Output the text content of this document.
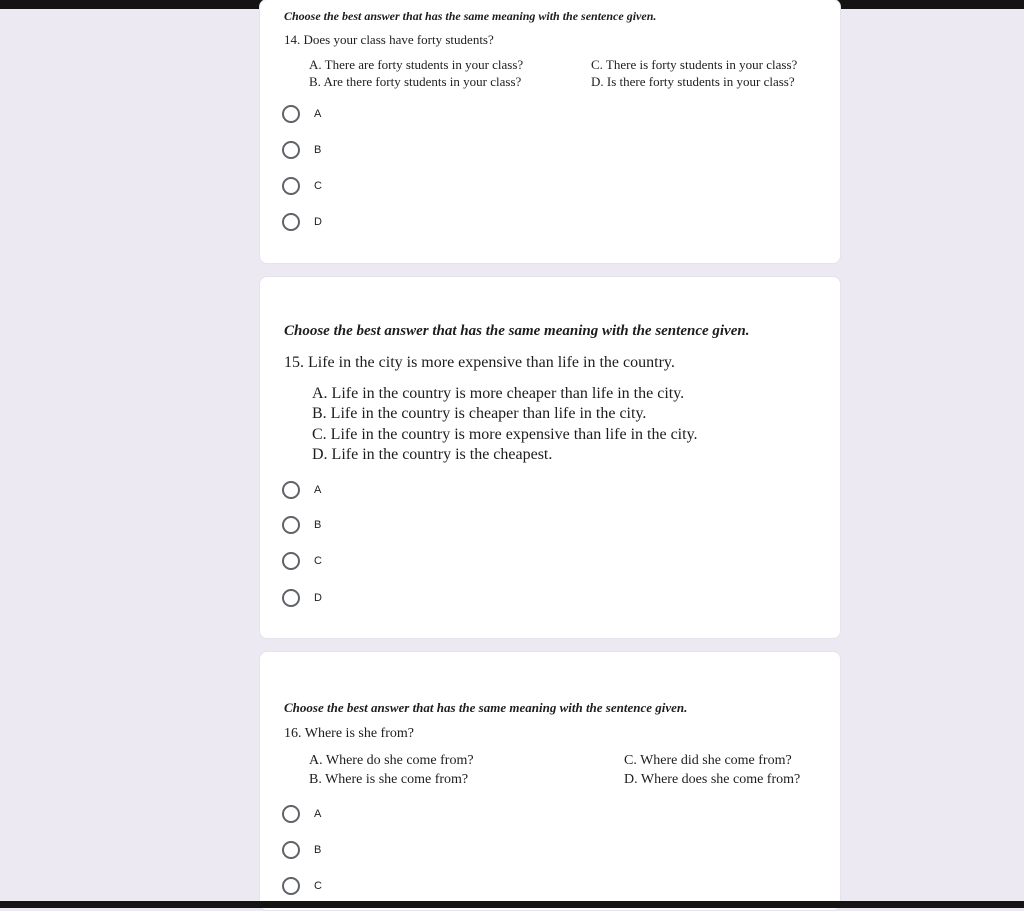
Choose the best answer that has the same meaning with the sentence given.
14. Does your class have forty students?
A. There are forty students in your class?
B. Are there forty students in your class?
C. There is forty students in your class?
D. Is there forty students in your class?
A
B
C
D
Choose the best answer that has the same meaning with the sentence given.
15. Life in the city is more expensive than life in the country.
A. Life in the country is more cheaper than life in the city.
B. Life in the country is cheaper than life in the city.
C. Life in the country is more expensive than life in the city.
D. Life in the country is the cheapest.
A
B
C
D
Choose the best answer that has the same meaning with the sentence given.
16. Where is she from?
A. Where do she come from?
B. Where is she come from?
C. Where did she come from?
D. Where does she come from?
A
B
C
